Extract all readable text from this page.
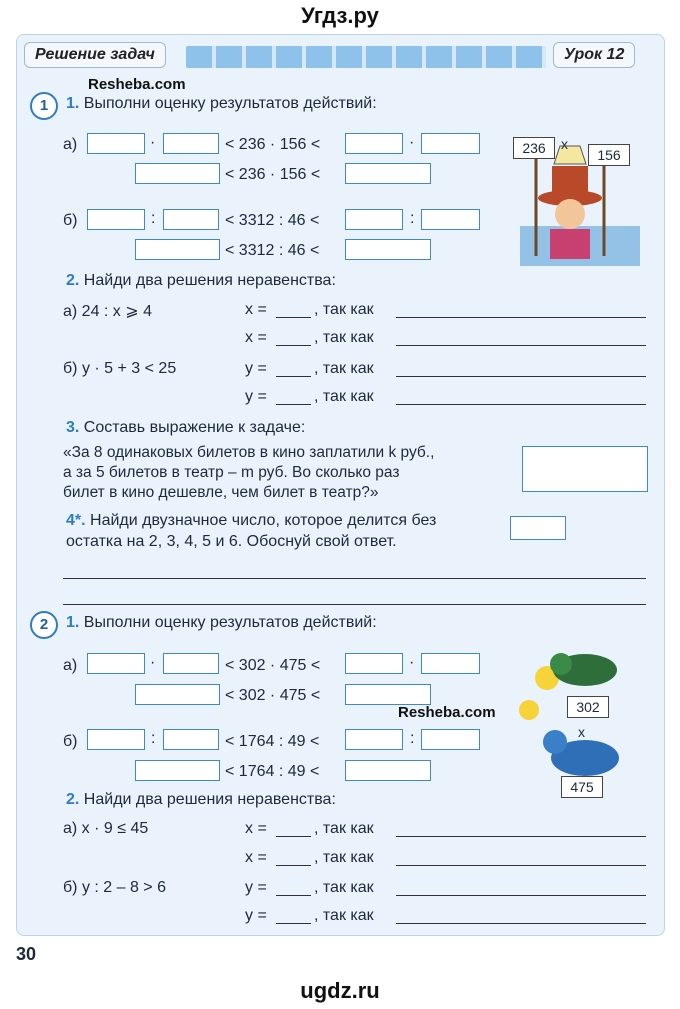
Угдз.ру
Решение задач	Урок 12
Resheba.com
1	1. Выполни оценку результатов действий:
а)	·	< 236 · 156 <	·
< 236 · 156 <
б)	:	< 3312 : 46 <	:
< 3312 : 46 <
236	x
156
2. Найди два решения неравенства:
а) 24 : x ⩾ 4	x =	, так как
x =	, так как
б) y · 5 + 3 < 25	y =	, так как
y =	, так как
3. Составь выражение к задаче:
«За 8 одинаковых билетов в кино заплатили k руб.,
а за 5 билетов в театр – m руб. Во сколько раз
билет в кино дешевле, чем билет в театр?»
4*. Найди двузначное число, которое делится без
остатка на 2, 3, 4, 5 и 6. Обоснуй свой ответ.
2	1. Выполни оценку результатов действий:
а)	·	< 302 · 475 <	·
< 302 · 475 <
Resheba.com
б)	:	< 1764 : 49 <	:
< 1764 : 49 <
302
x
475
2. Найди два решения неравенства:
а) x · 9 ≤ 45	x =	, так как
x =	, так как
б) y : 2 – 8 > 6	y =	, так как
y =	, так как
30
ugdz.ru
